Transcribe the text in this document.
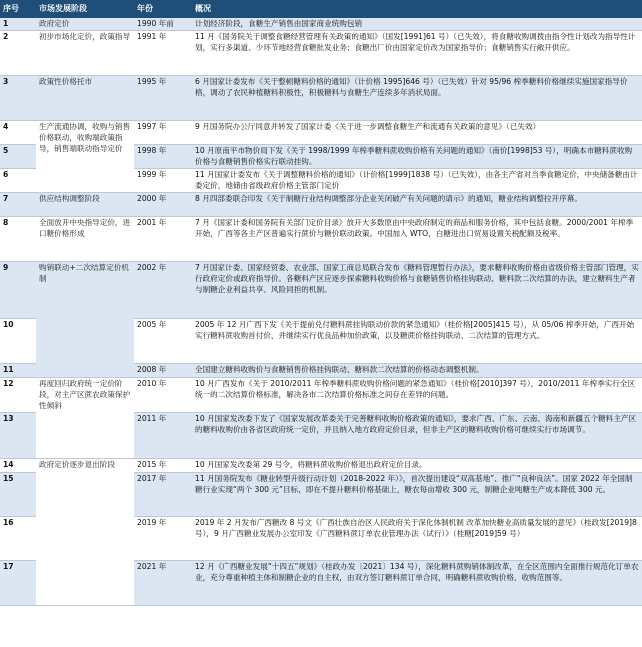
序号	市场发展阶段	年份	概况
1	政府定价	1990 年前	计划经济阶段，食糖生产销售由国家商业统购包销
2	初步市场化定价，政策指导	1991 年	11 月《国务院关于调整食糖经营管理有关政策的通知》（国发[1991]61 号）（已失效），将食糖收购调拨由指令性计划改为指导性计划，实行多渠道、少环节地经营食糖批发业务；食糖出厂价由国家定价改为国家指导价；食糖销售实行敞开供应。
3	政策性价格托市	1995 年	6 月国家计委发布《关于整顿糖料价格的通知》（计价格 1995]646 号）（已失效）针对 95/96 榨季糖料价格继续实施国家指导价格，调动了农民种植糖料积极性，积极糖料与食糖生产连续多年消状局面。
4	生产流通协调，收购与销售价格联动，收购端政策指导，销售端联动指导定价	1997 年	9 月国务院办公厅同意并转发了国家计委《关于进一步调整食糖生产和流通有关政策的意见》（已失效）
5		1998 年	10 月原南平市物价局下发《关于 1998/1999 年榨季糖料蔗收购价格有关问题的通知》（南价[1998]53 号），明确本市糖料蔗收购价格与食糖销售价格实行联动挂钩。
6		1999 年	11 月国家计委发布《关于调整糖料价格的通知》（计价格[1999]1838 号）（已失效），由各主产省对当季食糖定价，中央储备糖由计委定价，地储由省级政府价格主管部门定价
7	供应结构调整阶段	2000 年	8 月四部委联合印发《关于制糖行业结构调整部分企业关闭破产有关问题的请示》的通知，糖业结构调整拉开序幕。
8	全面放开中央指导定价，进口糖价格形成	2001 年	7 月《国家计委和国务院有关部门定价目录》放开大多数原由中央政府制定的商品和服务价格，其中包括食糖。2000/2001 年榨季开始，广西等各主产区普遍实行蔗价与糖价联动政策。中国加入 WTO，白糖进出口贸易设置关税配额及税率。
9	购销联动+二次结算定价机制	2002 年	7 月国家计委、国家经贸委、农业部、国家工商总局联合发布《糖料管理暂行办法》，要求糖料收购价格由省级价格主管部门管理，实行政府定价或政府指导价。各糖料产区应逐步探索糖料收购价格与食糖销售价格挂钩联动、糖料款二次结算的办法，建立糖料生产者与制糖企业利益共享、风险同担的机制。
10		2005 年	2005 年 12 月广西下发《关于提前兑付糖料蔗挂钩联动价款的紧急通知》（桂价格[2005]415 号），从 05/06 榨季开始，广西开始实行糖料蔗收购首付价、并继续实行优良品种加价政策，以及糖蔗价格挂钩联动、二次结算的管理方式。
11		2008 年	全国建立糖料收购价与食糖销售价格挂钩联动、糖料款二次结算的价格动态调整机制。
12	再度回归政府统一定价阶段，对主产区蔗农政策保护性倾斜	2010 年	10 月广西发布《关于 2010/2011 年榨季糖料蔗收购价格问题的紧急通知》（桂价格[2010]397 号），2010/2011 年榨季实行全区统一的二次结算价格标准，解决各市二次结算价格标准之间存在差异的问题。
13		2011 年	10 月国家发改委下发了《国家发展改革委关于完善糖料收购价格政策的通知》，要求广西、广东、云南、海南和新疆五个糖料主产区的糖料收购价由各省区政府统一定价，并且纳入地方政府定价目录，但非主产区的糖料收购价格可继续实行市场调节。
14	政府定价逐步退出阶段	2015 年	10 月国家发改委第 29 号令，将糖料蔗收购价格退出政府定价目录。
15		2017 年	11 月国务院发布《糖业转型升级行动计划（2018-2022 年）》，首次提出建设“双高基地”、推广“良种良法”。国家 2022 年全国制糖行业实现“两个 300 元”目标，即在不提升糖料价格基础上，糖农每亩增收 300 元，制糖企业吨糖生产成本降低 300 元。
16		2019 年	2019 年 2 月发布广西糖改 8 号文《广西壮族自治区人民政府关于深化体制机制 改革加快糖业高质量发展的意见》（桂政发[2019]8 号），9 月广西糖业发展办公室印发《广西糖料蔗订单农业管理办法（试行）》（桂糖[2019]59 号）
17		2021 年	12 月《广西糖业发展“十四五”规划》（桂政办发〔2021〕134 号），深化糖料蔗购销体制改革，在全区范围内全面推行规范化订单农业，充分尊重种植主体和制糖企业的自主权，由双方签订糖料蔗订单合同，明确糖料蔗收购价格、收购范围等。
